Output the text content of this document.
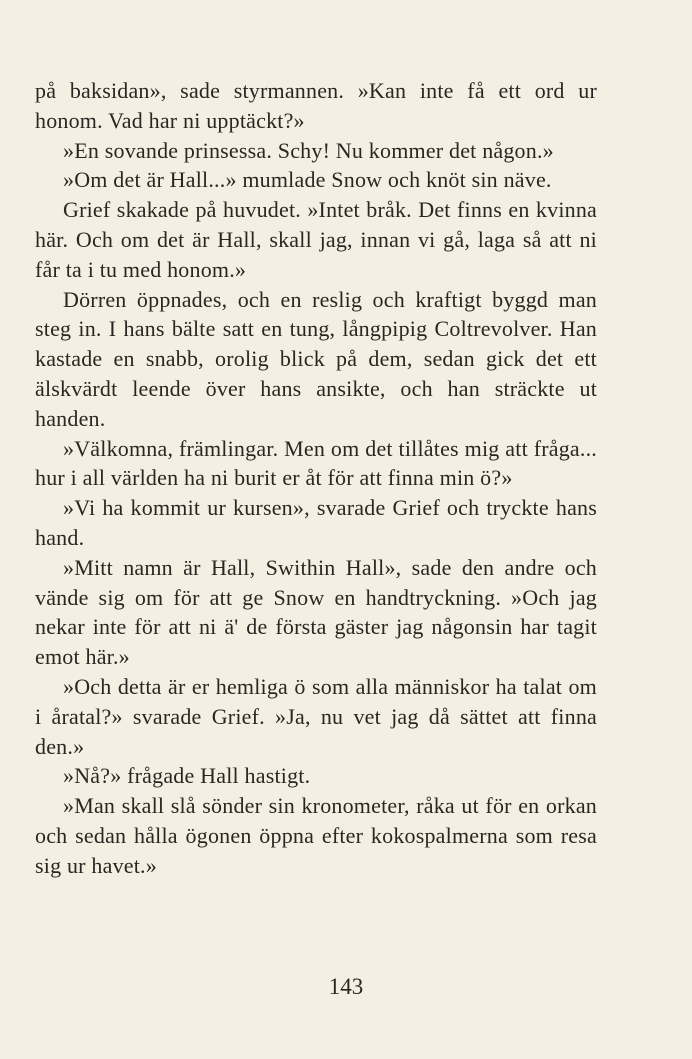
på baksidan», sade styrmannen. »Kan inte få ett ord ur honom. Vad har ni upptäckt?»

»En sovande prinsessa. Schy! Nu kommer det någon.»

»Om det är Hall...» mumlade Snow och knöt sin näve.

Grief skakade på huvudet. »Intet bråk. Det finns en kvinna här. Och om det är Hall, skall jag, innan vi gå, laga så att ni får ta i tu med honom.»

Dörren öppnades, och en reslig och kraftigt byggd man steg in. I hans bälte satt en tung, långpipig Coltrevolver. Han kastade en snabb, orolig blick på dem, sedan gick det ett älskvärdt leende över hans ansikte, och han sträckte ut handen.

»Välkomna, främlingar. Men om det tillåtes mig att fråga... hur i all världen ha ni burit er åt för att finna min ö?»

»Vi ha kommit ur kursen», svarade Grief och tryckte hans hand.

»Mitt namn är Hall, Swithin Hall», sade den andre och vände sig om för att ge Snow en handtryckning. »Och jag nekar inte för att ni ä' de första gäster jag någonsin har tagit emot här.»

»Och detta är er hemliga ö som alla människor ha talat om i åratal?» svarade Grief. »Ja, nu vet jag då sättet att finna den.»

»Nå?» frågade Hall hastigt.

»Man skall slå sönder sin kronometer, råka ut för en orkan och sedan hålla ögonen öppna efter kokospalmerna som resa sig ur havet.»

143
